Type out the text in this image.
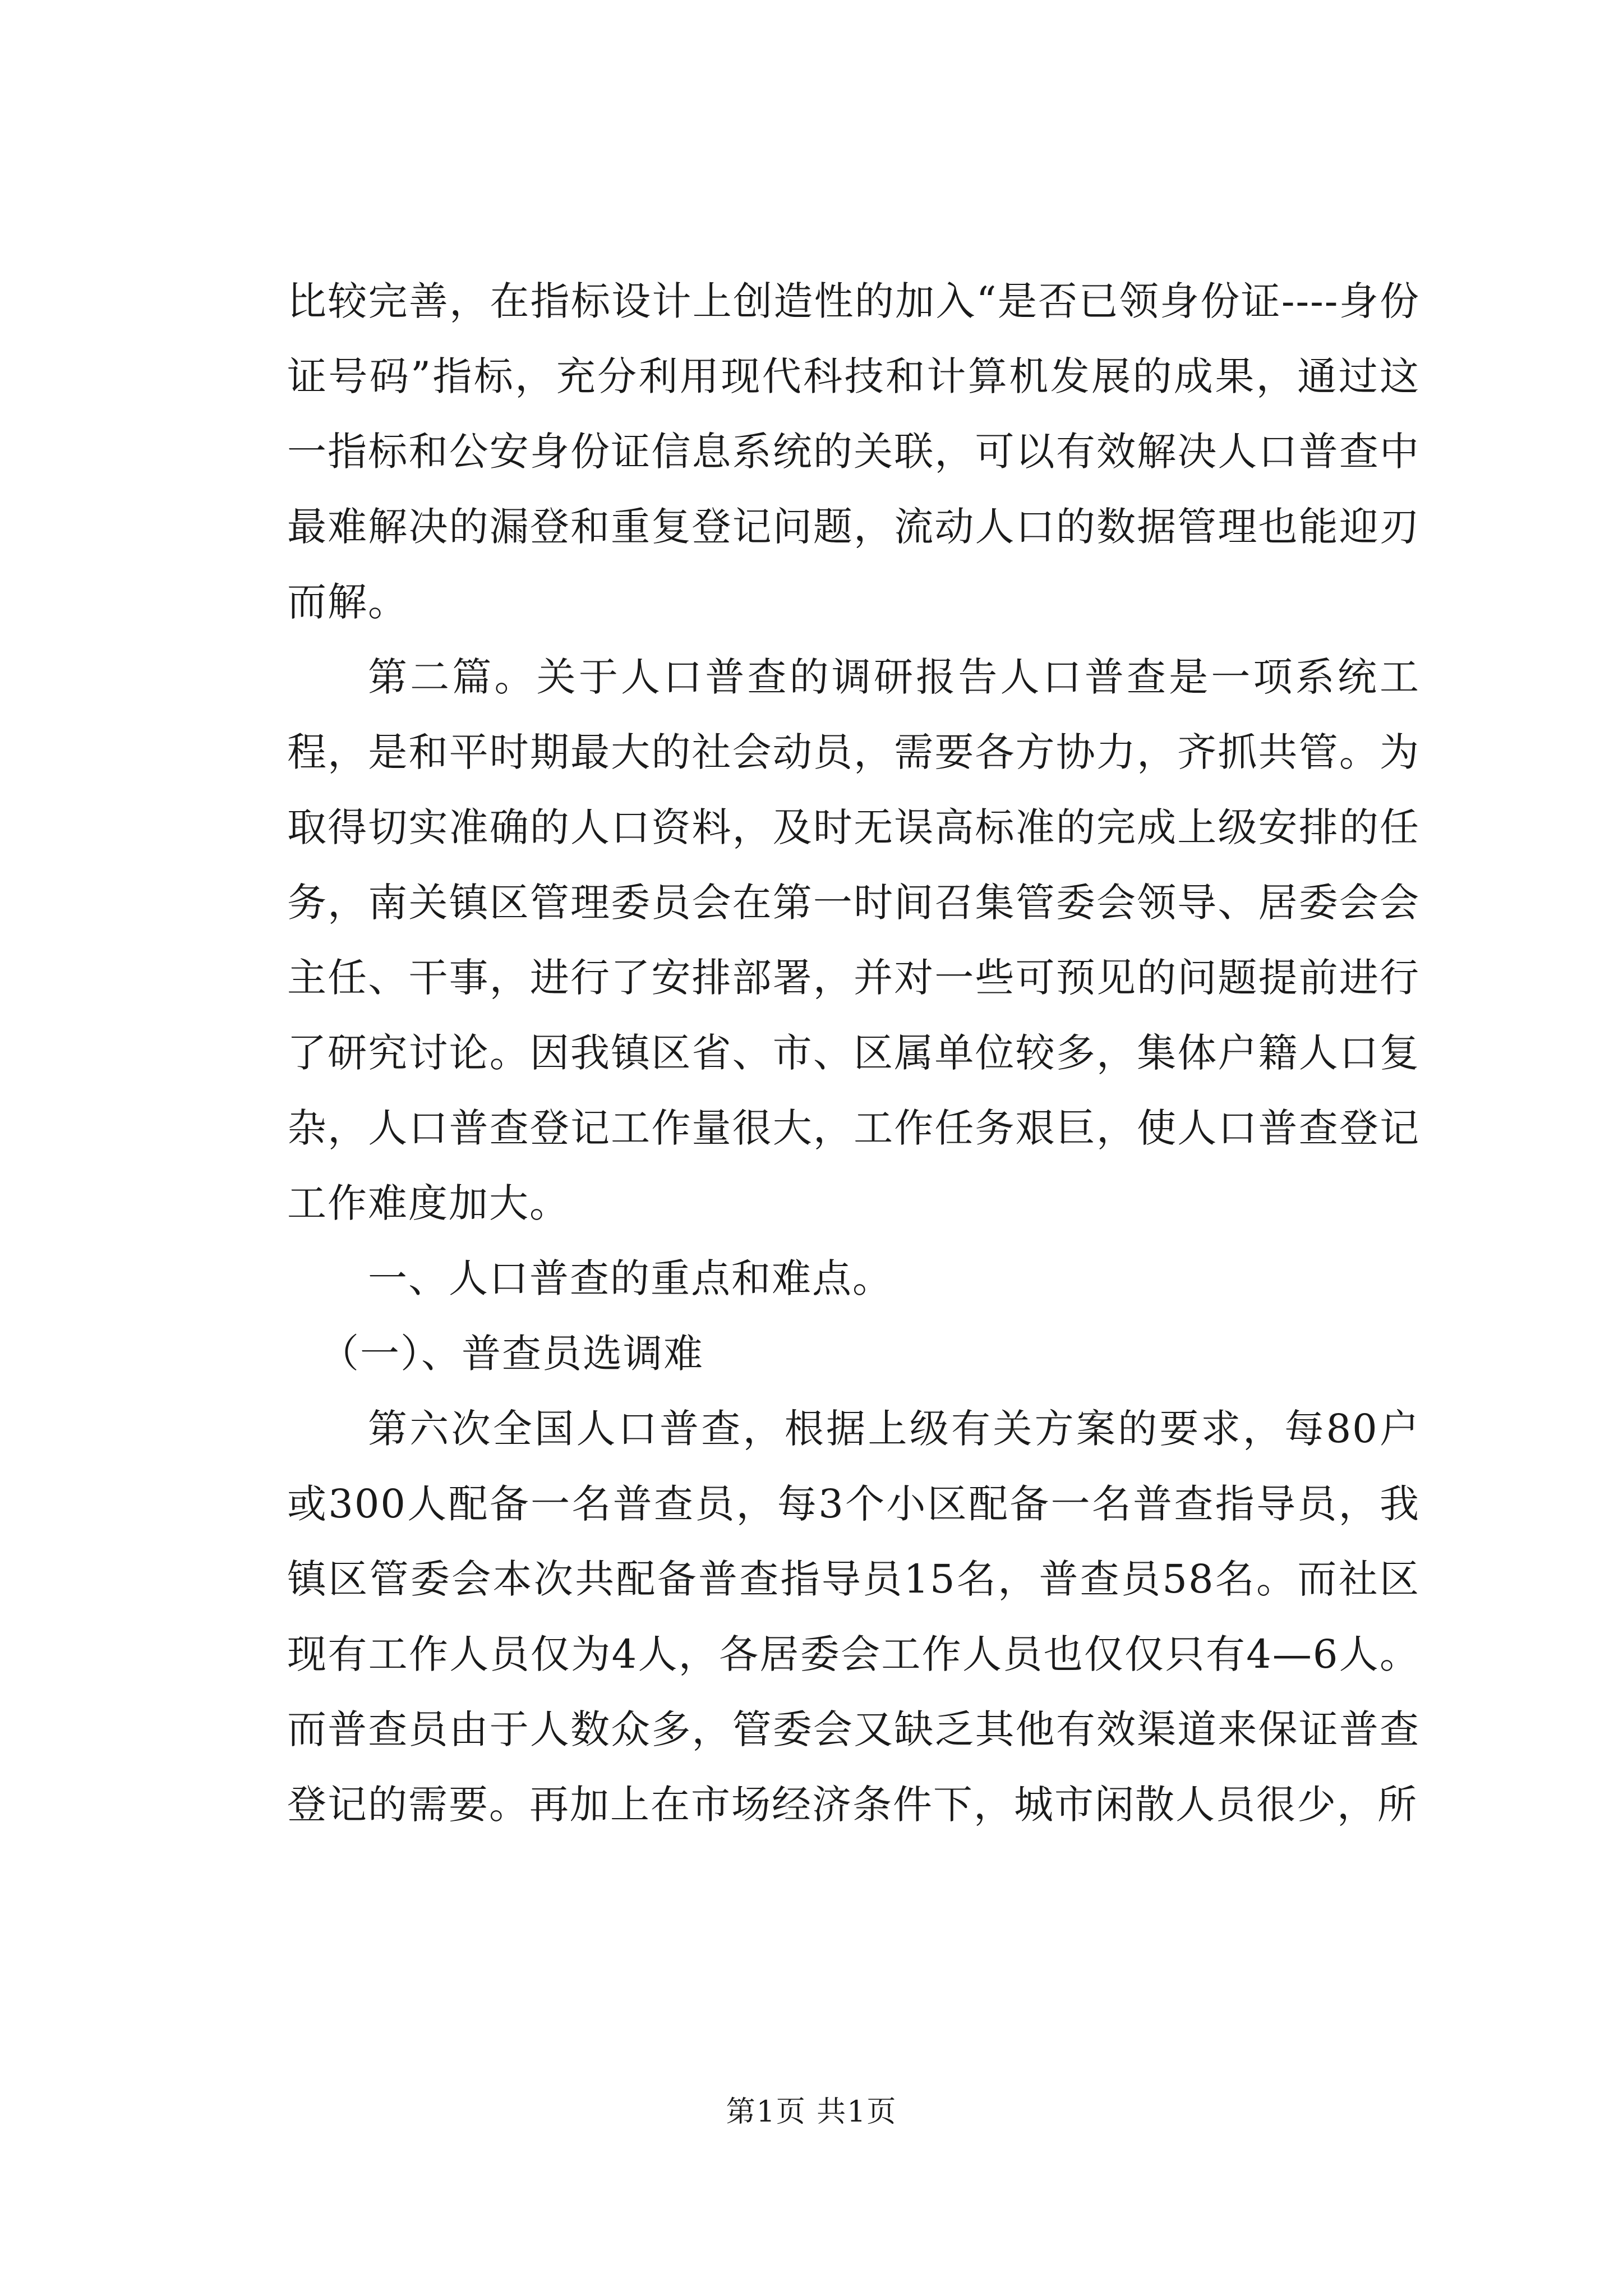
比较完善，在指标设计上创造性的加入“是否已领身份证----身份证号码”指标，充分利用现代科技和计算机发展的成果，通过这一指标和公安身份证信息系统的关联，可以有效解决人口普查中最难解决的漏登和重复登记问题，流动人口的数据管理也能迎刃而解。

第二篇。关于人口普查的调研报告人口普查是一项系统工程，是和平时期最大的社会动员，需要各方协力，齐抓共管。为取得切实准确的人口资料，及时无误高标准的完成上级安排的任务，南关镇区管理委员会在第一时间召集管委会领导、居委会会主任、干事，进行了安排部署，并对一些可预见的问题提前进行了研究讨论。因我镇区省、市、区属单位较多，集体户籍人口复杂，人口普查登记工作量很大，工作任务艰巨，使人口普查登记工作难度加大。

一、人口普查的重点和难点。

（一）、普查员选调难

第六次全国人口普查，根据上级有关方案的要求，每80户或300人配备一名普查员，每3个小区配备一名普查指导员，我镇区管委会本次共配备普查指导员15名，普查员58名。而社区现有工作人员仅为4人，各居委会工作人员也仅仅只有4—6人。而普查员由于人数众多，管委会又缺乏其他有效渠道来保证普查登记的需要。再加上在市场经济条件下，城市闲散人员很少，所

第1页 共1页
